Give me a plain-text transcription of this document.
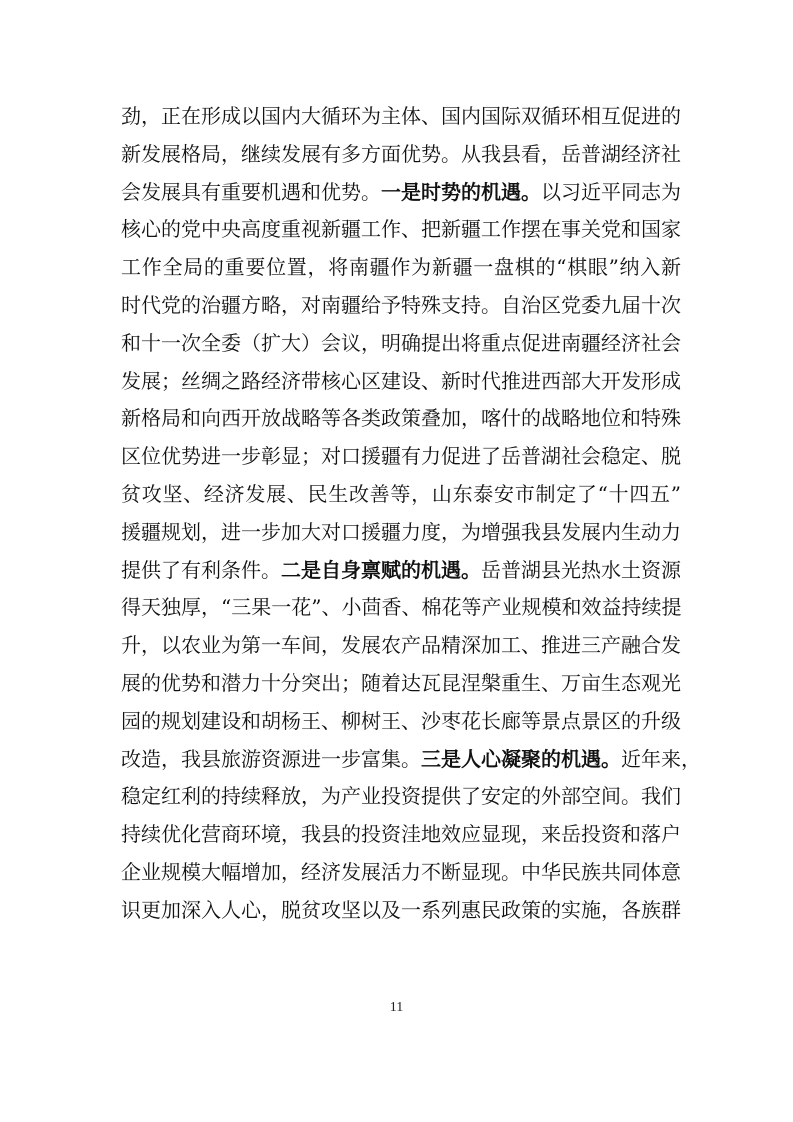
劲，正在形成以国内大循环为主体、国内国际双循环相互促进的
新发展格局，继续发展有多方面优势。从我县看，岳普湖经济社
会发展具有重要机遇和优势。一是时势的机遇。以习近平同志为
核心的党中央高度重视新疆工作、把新疆工作摆在事关党和国家
工作全局的重要位置，将南疆作为新疆一盘棋的“棋眼”纳入新
时代党的治疆方略，对南疆给予特殊支持。自治区党委九届十次
和十一次全委（扩大）会议，明确提出将重点促进南疆经济社会
发展；丝绸之路经济带核心区建设、新时代推进西部大开发形成
新格局和向西开放战略等各类政策叠加，喀什的战略地位和特殊
区位优势进一步彰显；对口援疆有力促进了岳普湖社会稳定、脱
贫攻坚、经济发展、民生改善等，山东泰安市制定了“十四五”
援疆规划，进一步加大对口援疆力度，为增强我县发展内生动力
提供了有利条件。二是自身禀赋的机遇。岳普湖县光热水土资源
得天独厚，“三果一花”、小茴香、棉花等产业规模和效益持续提
升，以农业为第一车间，发展农产品精深加工、推进三产融合发
展的优势和潜力十分突出；随着达瓦昆涅槃重生、万亩生态观光
园的规划建设和胡杨王、柳树王、沙枣花长廊等景点景区的升级
改造，我县旅游资源进一步富集。三是人心凝聚的机遇。近年来，
稳定红利的持续释放，为产业投资提供了安定的外部空间。我们
持续优化营商环境，我县的投资洼地效应显现，来岳投资和落户
企业规模大幅增加，经济发展活力不断显现。中华民族共同体意
识更加深入人心，脱贫攻坚以及一系列惠民政策的实施，各族群
11
